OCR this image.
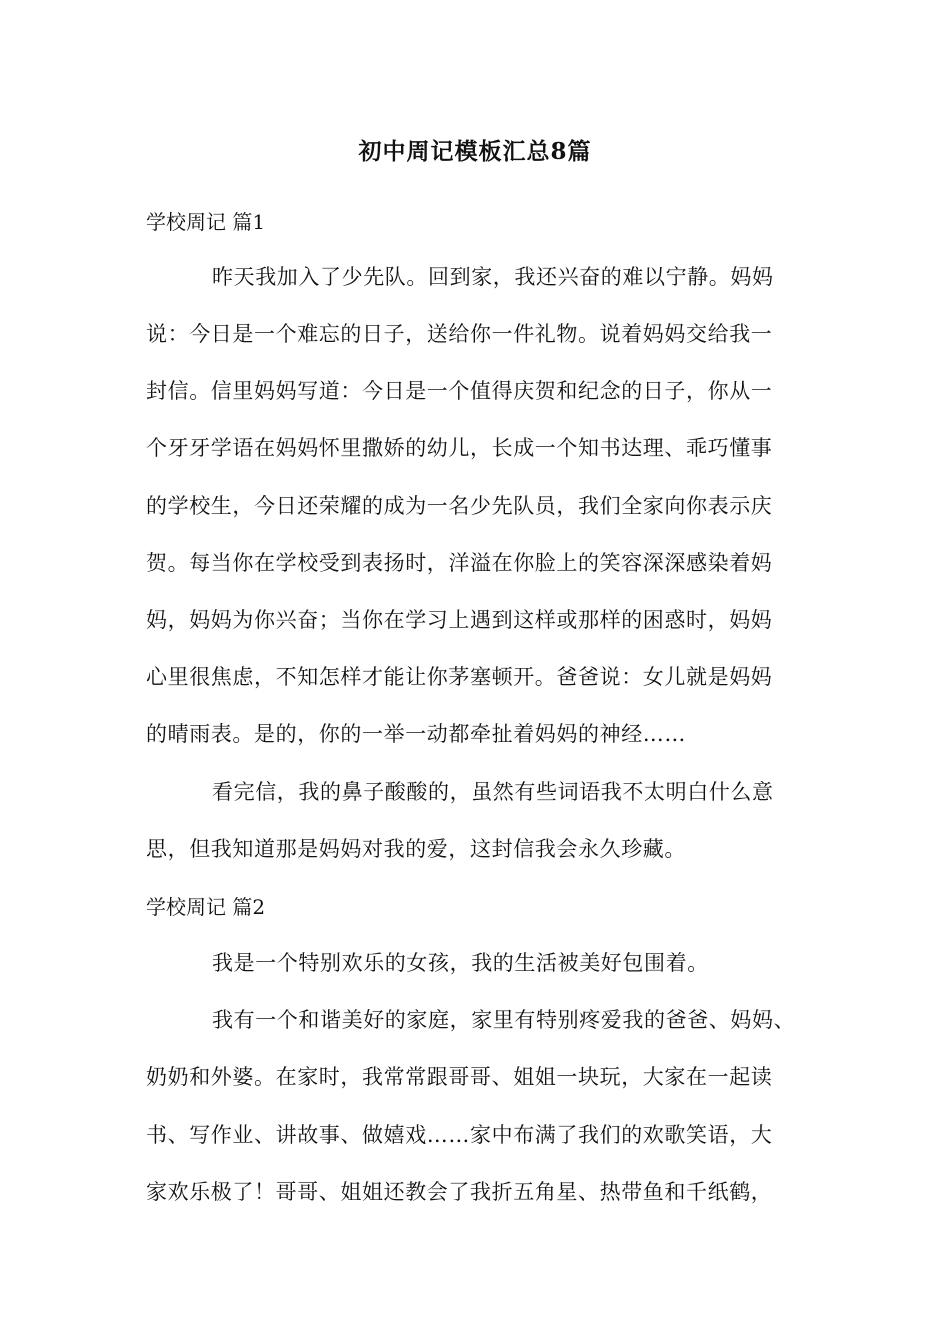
初中周记模板汇总8篇
学校周记 篇1
昨天我加入了少先队。回到家，我还兴奋的难以宁静。妈妈
说：今日是一个难忘的日子，送给你一件礼物。说着妈妈交给我一
封信。信里妈妈写道：今日是一个值得庆贺和纪念的日子，你从一
个牙牙学语在妈妈怀里撒娇的幼儿，长成一个知书达理、乖巧懂事
的学校生，今日还荣耀的成为一名少先队员，我们全家向你表示庆
贺。每当你在学校受到表扬时，洋溢在你脸上的笑容深深感染着妈
妈，妈妈为你兴奋；当你在学习上遇到这样或那样的困惑时，妈妈
心里很焦虑，不知怎样才能让你茅塞顿开。爸爸说：女儿就是妈妈
的晴雨表。是的，你的一举一动都牵扯着妈妈的神经……
看完信，我的鼻子酸酸的，虽然有些词语我不太明白什么意
思，但我知道那是妈妈对我的爱，这封信我会永久珍藏。
学校周记 篇2
我是一个特别欢乐的女孩，我的生活被美好包围着。
我有一个和谐美好的家庭，家里有特别疼爱我的爸爸、妈妈、
奶奶和外婆。在家时，我常常跟哥哥、姐姐一块玩，大家在一起读
书、写作业、讲故事、做嬉戏……家中布满了我们的欢歌笑语，大
家欢乐极了！哥哥、姐姐还教会了我折五角星、热带鱼和千纸鹤，
